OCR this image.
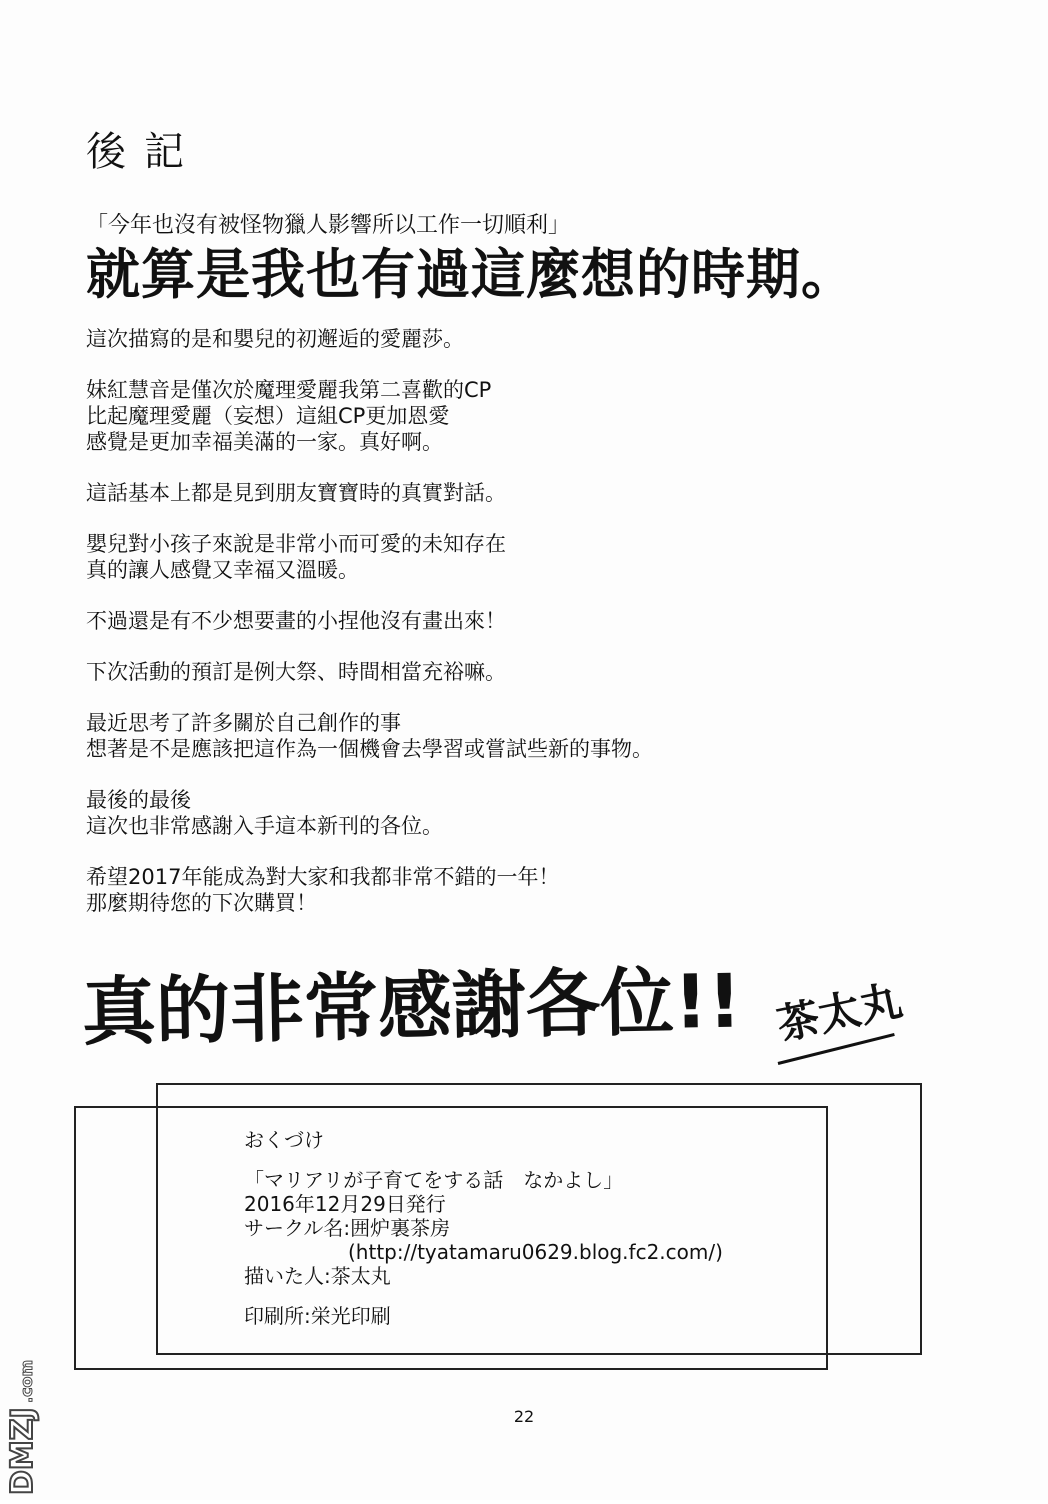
後記
「今年也沒有被怪物獵人影響所以工作一切順利」
就算是我也有過這麼想的時期。
這次描寫的是和嬰兒的初邂逅的愛麗莎。
妹紅慧音是僅次於魔理愛麗我第二喜歡的CP
比起魔理愛麗（妄想）這組CP更加恩愛
感覺是更加幸福美滿的一家。真好啊。
這話基本上都是見到朋友寶寶時的真實對話。
嬰兒對小孩子來說是非常小而可愛的未知存在
真的讓人感覺又幸福又溫暖。
不過還是有不少想要畫的小捏他沒有畫出來！
下次活動的預訂是例大祭、時間相當充裕嘛。
最近思考了許多關於自己創作的事
想著是不是應該把這作為一個機會去學習或嘗試些新的事物。
最後的最後
這次也非常感謝入手這本新刊的各位。
希望2017年能成為對大家和我都非常不錯的一年！
那麼期待您的下次購買！
真的非常感謝各位!! 茶太丸
おくづけ
「マリアリが子育てをする話　なかよし」
2016年12月29日発行
サークル名:囲炉裏茶房
(http://tyatamaru0629.blog.fc2.com/)
描いた人:茶太丸
印刷所:栄光印刷
22
DMZJ
.com
